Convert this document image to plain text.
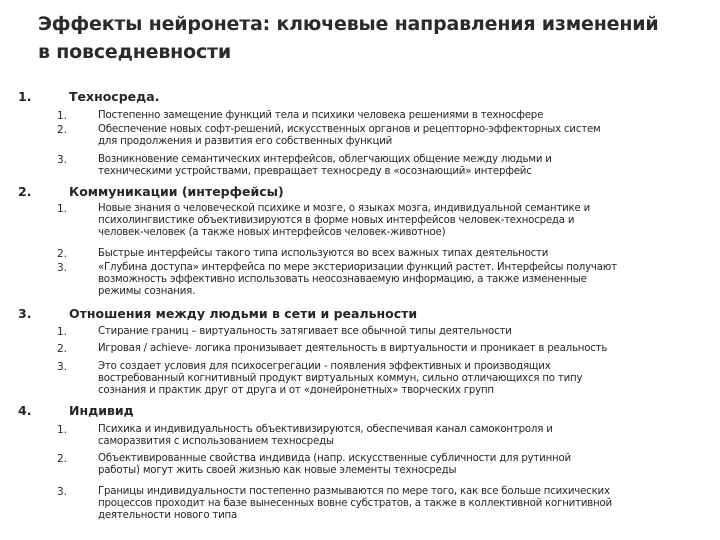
Эффекты нейронета: ключевые направления изменений
в повседневности
1.	Техносреда.
1.	Постепенно замещение функций тела и психики человека решениями в техносфере
2.	Обеспечение новых софт-решений, искусственных органов и рецепторно-эффекторных систем
для продолжения и развития его собственных функций
3.	Возникновение семантических интерфейсов, облегчающих общение между людьми и
техническими устройствами, превращает техносреду в «осознающий» интерфейс
2.	Коммуникации (интерфейсы)
1.	Новые знания о человеческой психике и мозге, о языках мозга, индивидуальной семантике и
психолингвистике объективизируются в форме новых интерфейсов человек-техносреда и
человек-человек (а также новых интерфейсов человек-животное)
2.	Быстрые интерфейсы такого типа используются во всех важных типах деятельности
3.	«Глубина доступа» интерфейса по мере экстериоризации функций растет. Интерфейсы получают
возможность эффективно использовать неосознаваемую информацию, а также измененные
режимы сознания.
3.	Отношения между людьми в сети и реальности
1.	Стирание границ – виртуальность затягивает все обычной типы деятельности
2.	Игровая / achieve- логика пронизывает деятельность в виртуальности и проникает в реальность
3.	Это создает условия для психосегрегации - появления эффективных и производящих
востребованный когнитивный продукт виртуальных коммун, сильно отличающихся по типу
сознания и практик друг от друга и от «донейронетных» творческих групп
4.	Индивид
1.	Психика и индивидуальность объективизируются, обеспечивая канал самоконтроля и
саморазвития с использованием техносреды
2.	Объективированные свойства индивида (напр. искусственные субличности для рутинной
работы) могут жить своей жизнью как новые элементы техносреды
3.	Границы индивидуальности постепенно размываются по мере того, как все больше психических
процессов проходит на базе вынесенных вовне субстратов, а также в коллективной когнитивной
деятельности нового типа
